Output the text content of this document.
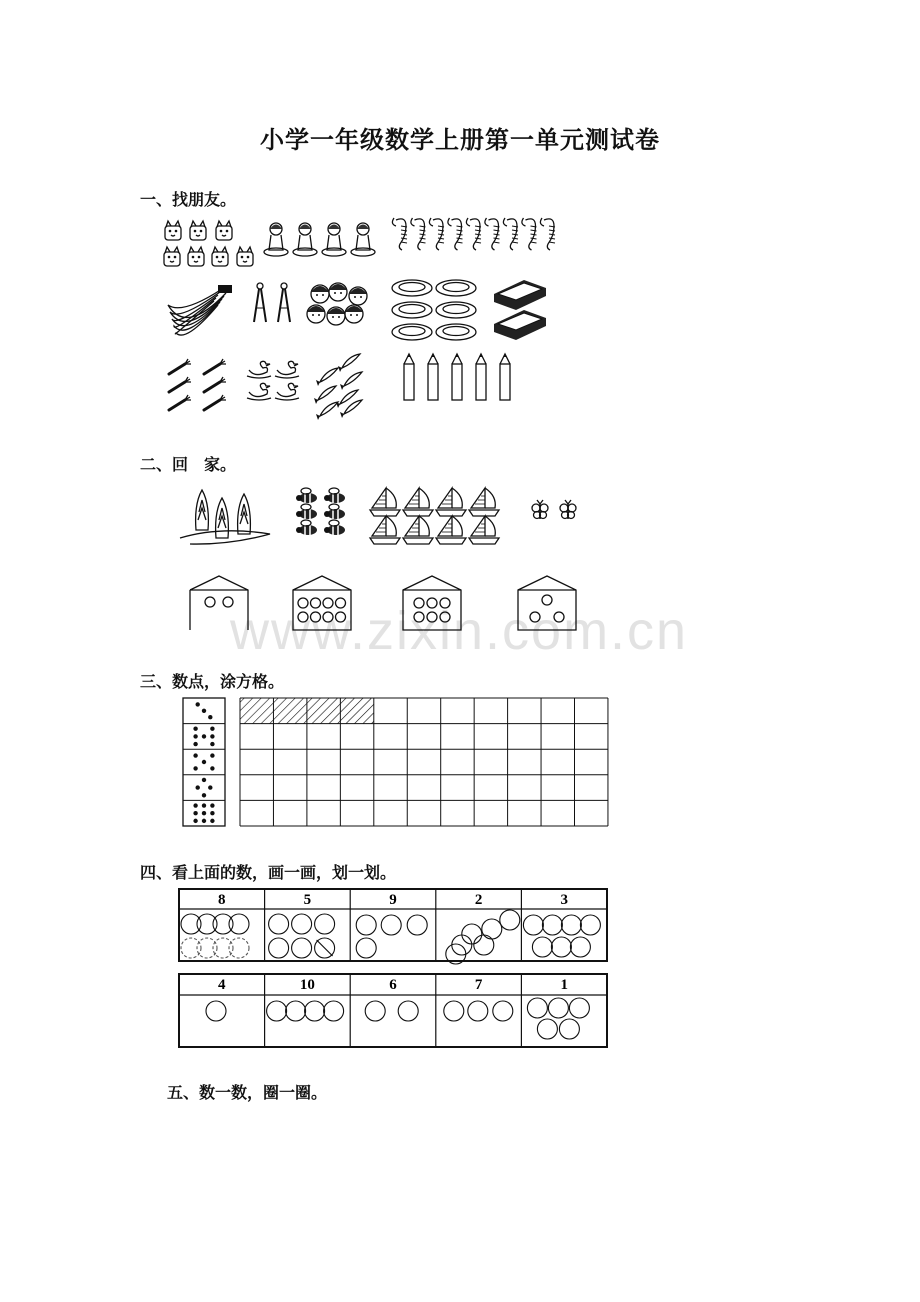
小学一年级数学上册第一单元测试卷
www.zixin.com.cn
一、找朋友。
二、回　家。
三、数点，涂方格。
四、看上面的数，画一画，划一划。
五、数一数，圈一圈。
8	5	9	2	3
4	10	6	7	1
